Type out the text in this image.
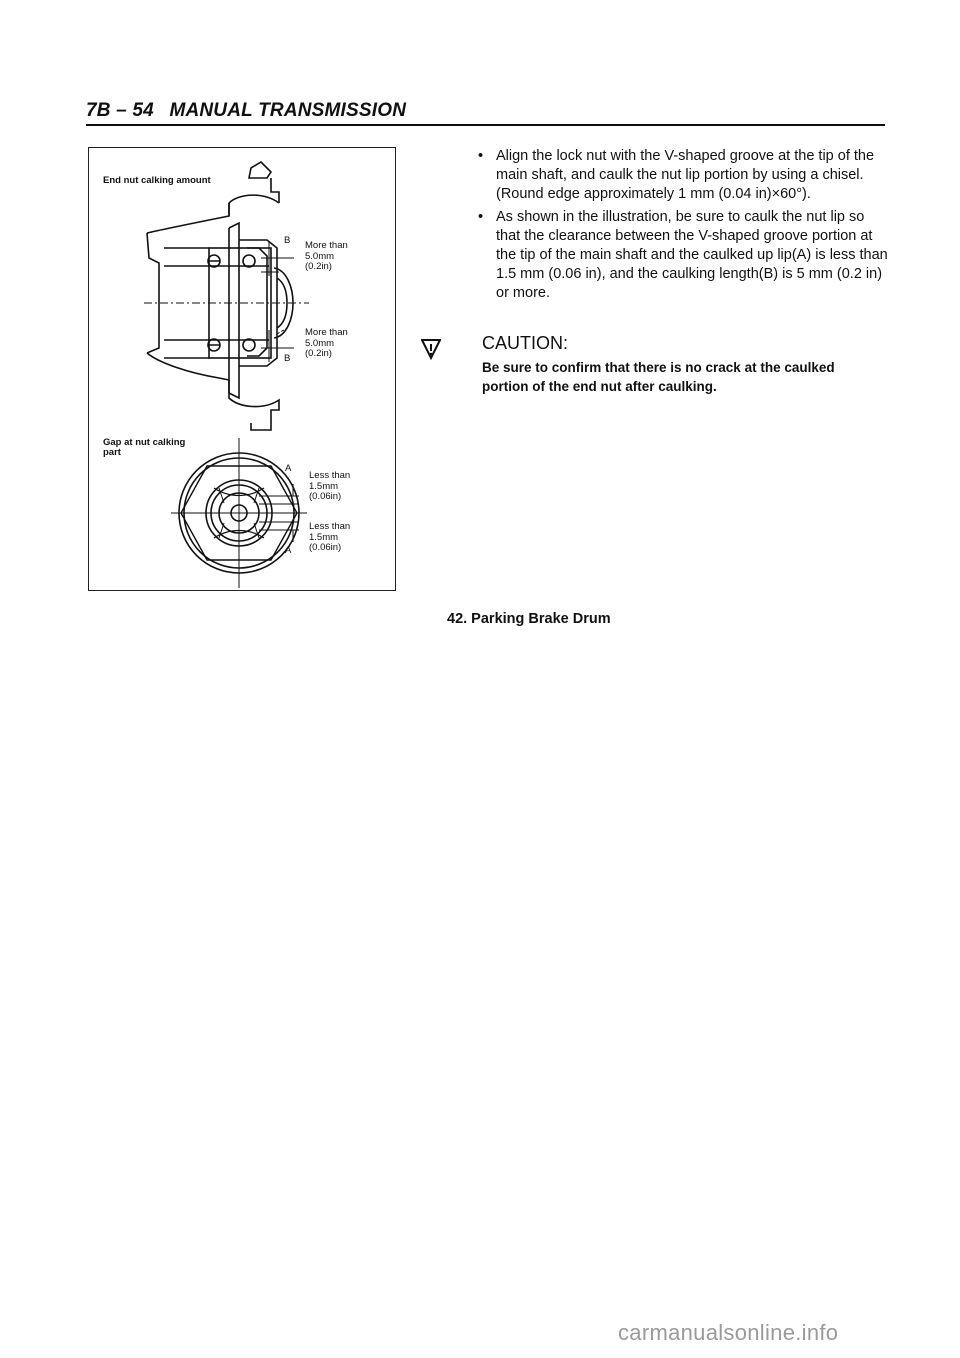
7B – 54 MANUAL TRANSMISSION
End nut calking amount
Gap at nut calking part
B More than
5.0mm
(0.2in)
More than
5.0mm
(0.2in)
B
A
Less than
1.5mm
(0.06in)
Less than
1.5mm
(0.06in)
A
• Align the lock nut with the V-shaped groove at the tip of the main shaft, and caulk the nut lip portion by using a chisel. (Round edge approximately 1 mm (0.04 in)×60°).
• As shown in the illustration, be sure to caulk the nut lip so that the clearance between the V-shaped groove portion at the tip of the main shaft and the caulked up lip(A) is less than 1.5 mm (0.06 in), and the caulking length(B) is 5 mm (0.2 in) or more.
CAUTION:
Be sure to confirm that there is no crack at the caulked portion of the end nut after caulking.
42. Parking Brake Drum
carmanualsonline.info
